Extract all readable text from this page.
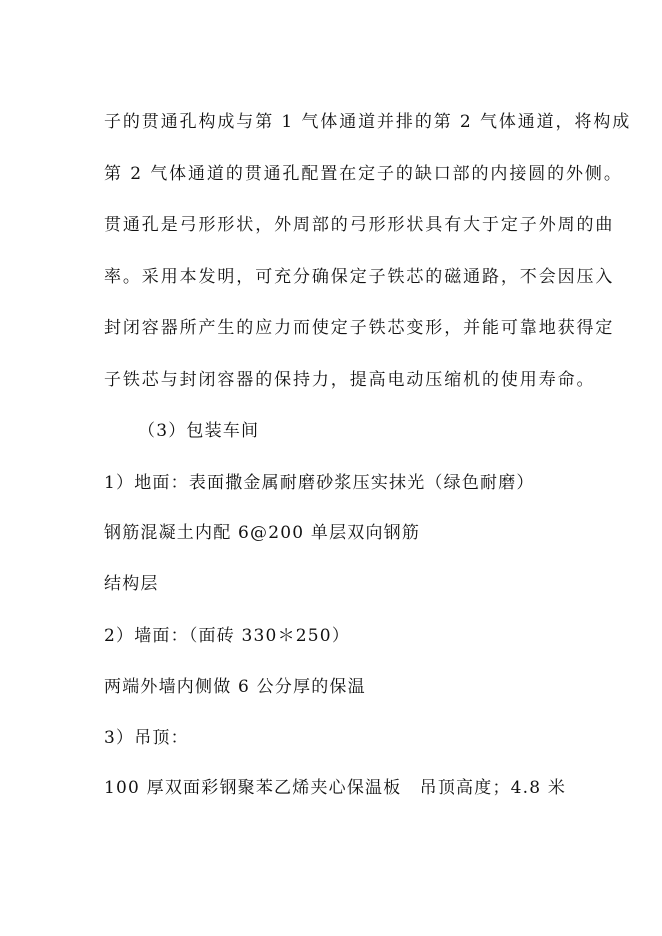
子的贯通孔构成与第 1 气体通道并排的第 2 气体通道，将构成
第 2 气体通道的贯通孔配置在定子的缺口部的内接圆的外侧。
贯通孔是弓形形状，外周部的弓形形状具有大于定子外周的曲
率。采用本发明，可充分确保定子铁芯的磁通路，不会因压入
封闭容器所产生的应力而使定子铁芯变形，并能可靠地获得定
子铁芯与封闭容器的保持力，提高电动压缩机的使用寿命。
（3）包装车间
1）地面：表面撒金属耐磨砂浆压实抹光（绿色耐磨）
钢筋混凝土内配 6@200 单层双向钢筋
结构层
2）墙面：（面砖 330＊250）
两端外墙内侧做 6 公分厚的保温
3）吊顶：
100 厚双面彩钢聚苯乙烯夹心保温板　吊顶高度；4.8 米
